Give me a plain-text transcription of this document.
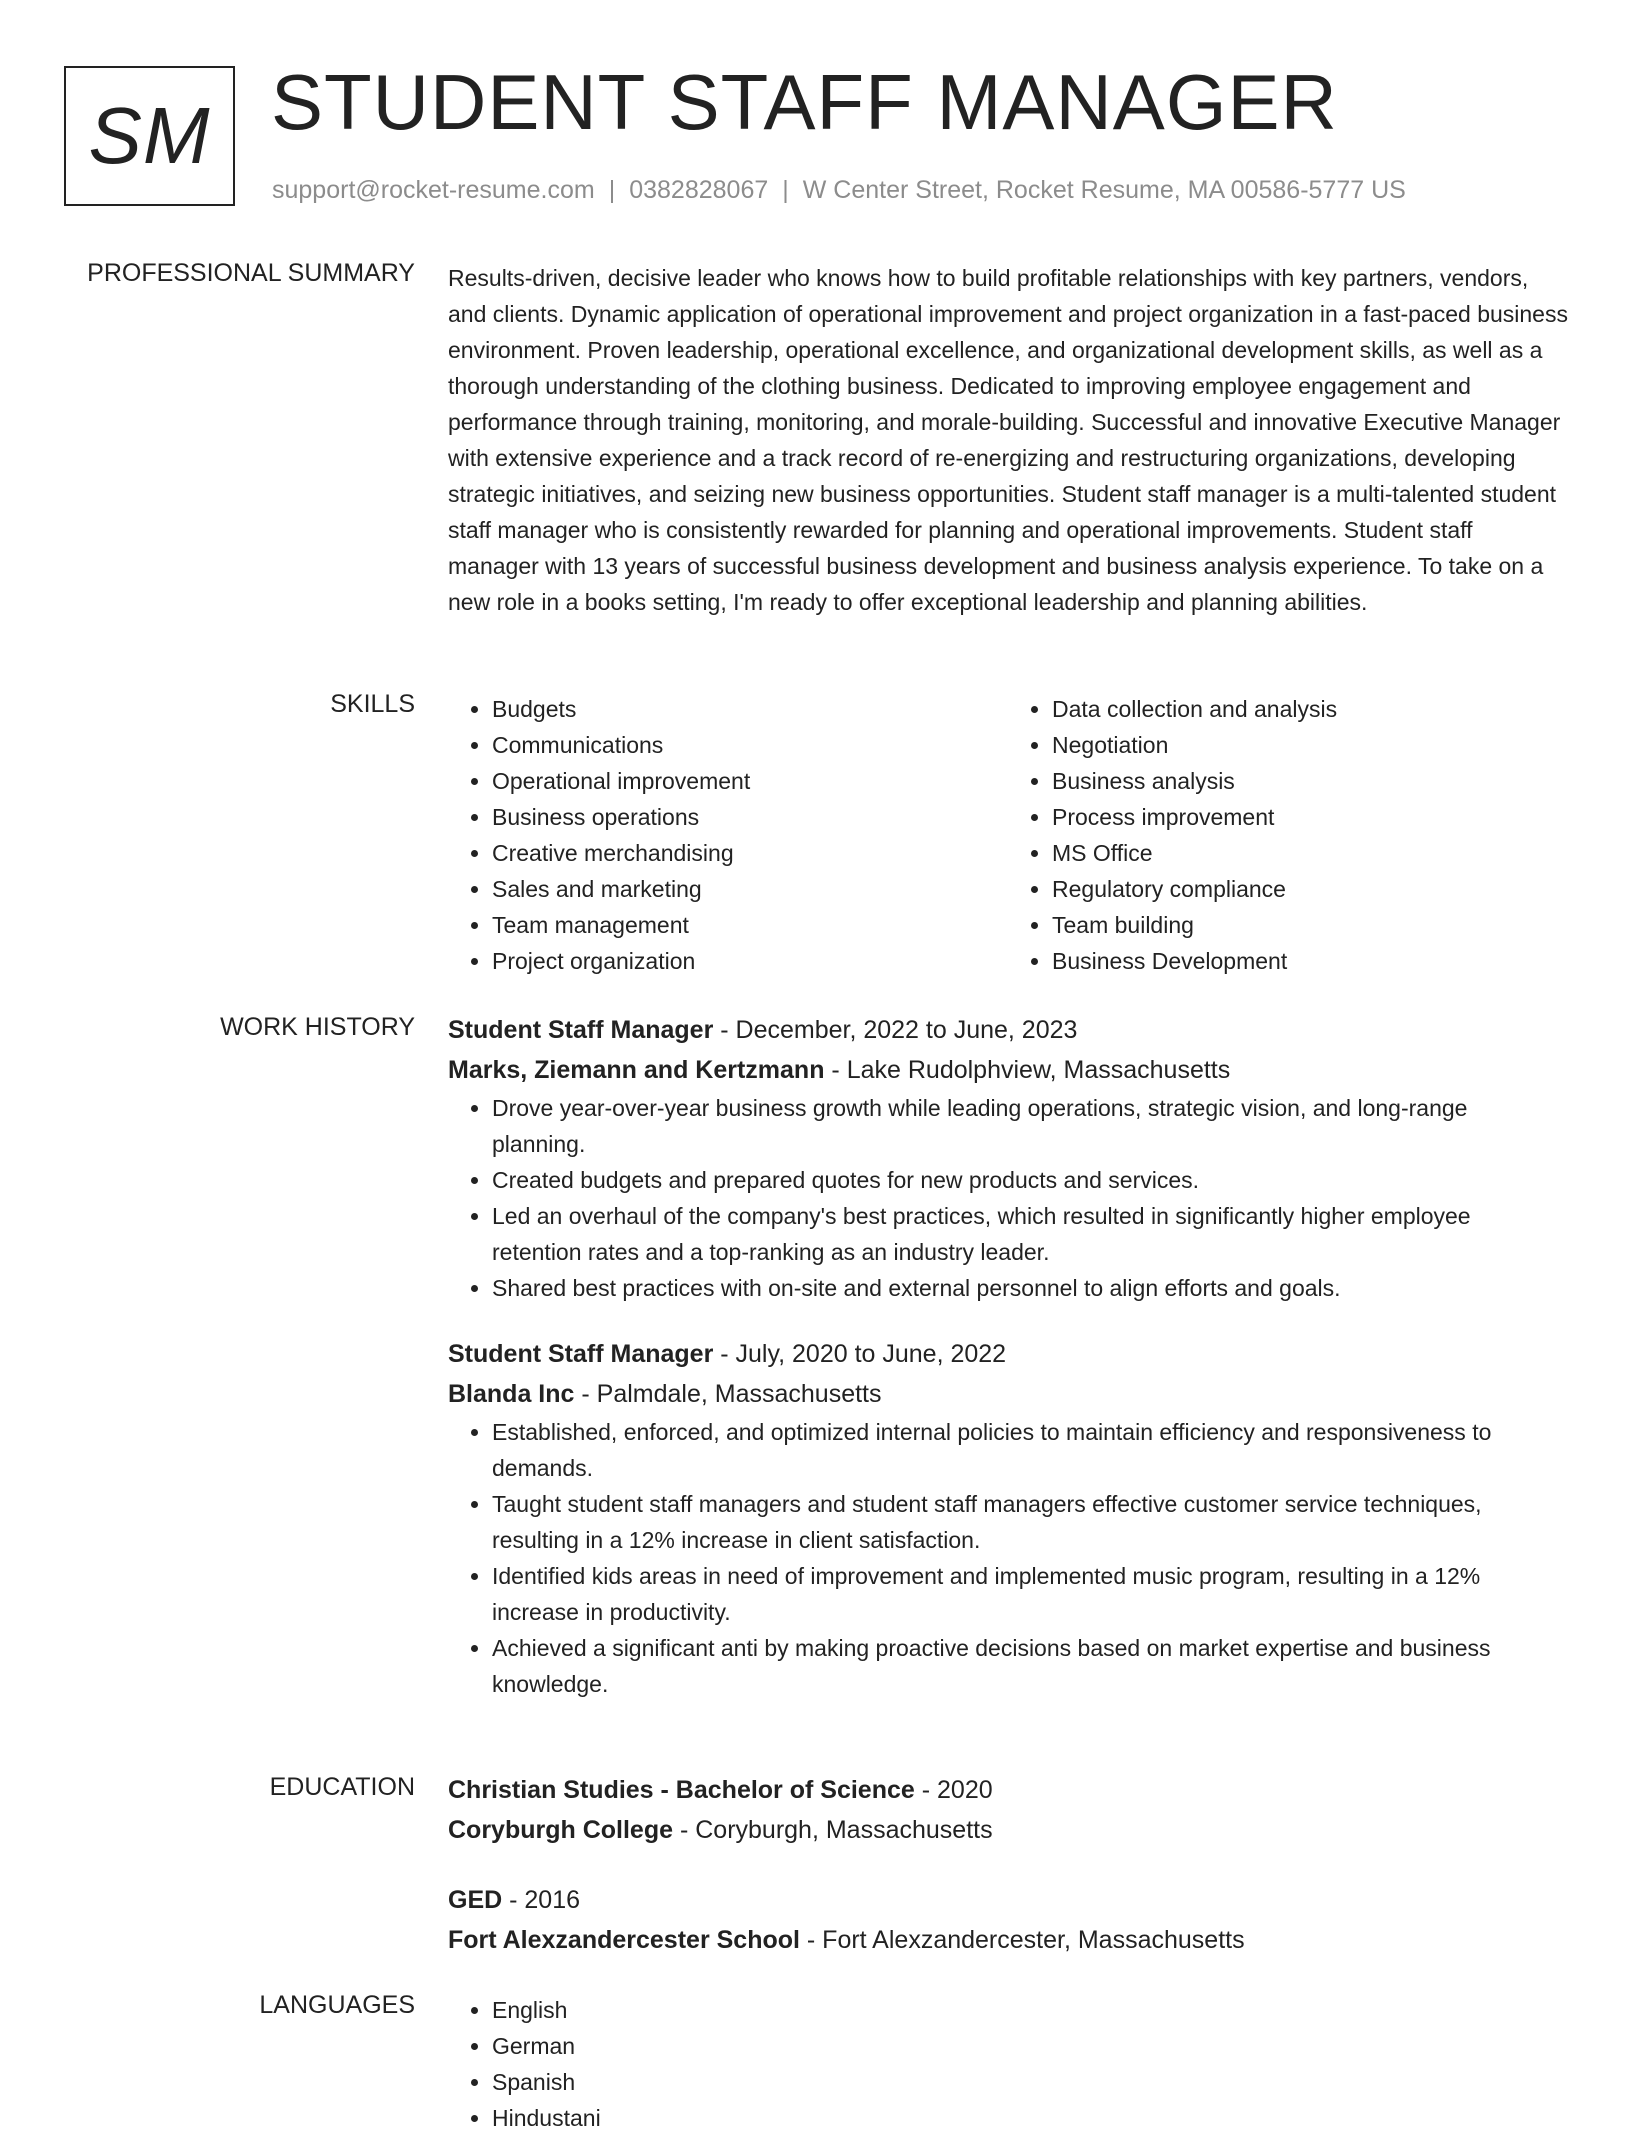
SM STUDENT STAFF MANAGER
support@rocket-resume.com | 0382828067 | W Center Street, Rocket Resume, MA 00586-5777 US
PROFESSIONAL SUMMARY Results-driven, decisive leader who knows how to build profitable relationships with key partners, vendors, and clients. Dynamic application of operational improvement and project organization in a fast-paced business environment. Proven leadership, operational excellence, and organizational development skills, as well as a thorough understanding of the clothing business. Dedicated to improving employee engagement and performance through training, monitoring, and morale-building. Successful and innovative Executive Manager with extensive experience and a track record of re-energizing and restructuring organizations, developing strategic initiatives, and seizing new business opportunities. Student staff manager is a multi-talented student staff manager who is consistently rewarded for planning and operational improvements. Student staff manager with 13 years of successful business development and business analysis experience. To take on a new role in a books setting, I'm ready to offer exceptional leadership and planning abilities.

SKILLS	• Budgets
• Communications
• Operational improvement
• Business operations
• Creative merchandising
• Sales and marketing
• Team management
• Project organization
• Data collection and analysis
• Negotiation
• Business analysis
• Process improvement
• MS Office
• Regulatory compliance
• Team building
• Business Development
WORK HISTORY Student Staff Manager - December, 2022 to June, 2023
Marks, Ziemann and Kertzmann - Lake Rudolphview, Massachusetts
• Drove year-over-year business growth while leading operations, strategic vision, and long-range planning.
• Created budgets and prepared quotes for new products and services.
• Led an overhaul of the company's best practices, which resulted in significantly higher employee retention rates and a top-ranking as an industry leader.
• Shared best practices with on-site and external personnel to align efforts and goals.
Student Staff Manager - July, 2020 to June, 2022
Blanda Inc - Palmdale, Massachusetts
• Established, enforced, and optimized internal policies to maintain efficiency and responsiveness to demands.
• Taught student staff managers and student staff managers effective customer service techniques, resulting in a 12% increase in client satisfaction.
• Identified kids areas in need of improvement and implemented music program, resulting in a 12% increase in productivity.
• Achieved a significant anti by making proactive decisions based on market expertise and business knowledge.
EDUCATION Christian Studies - Bachelor of Science - 2020
Coryburgh College - Coryburgh, Massachusetts
GED - 2016
Fort Alexzandercester School - Fort Alexzandercester, Massachusetts
LANGUAGES	• English
• German
• Spanish
• Hindustani
